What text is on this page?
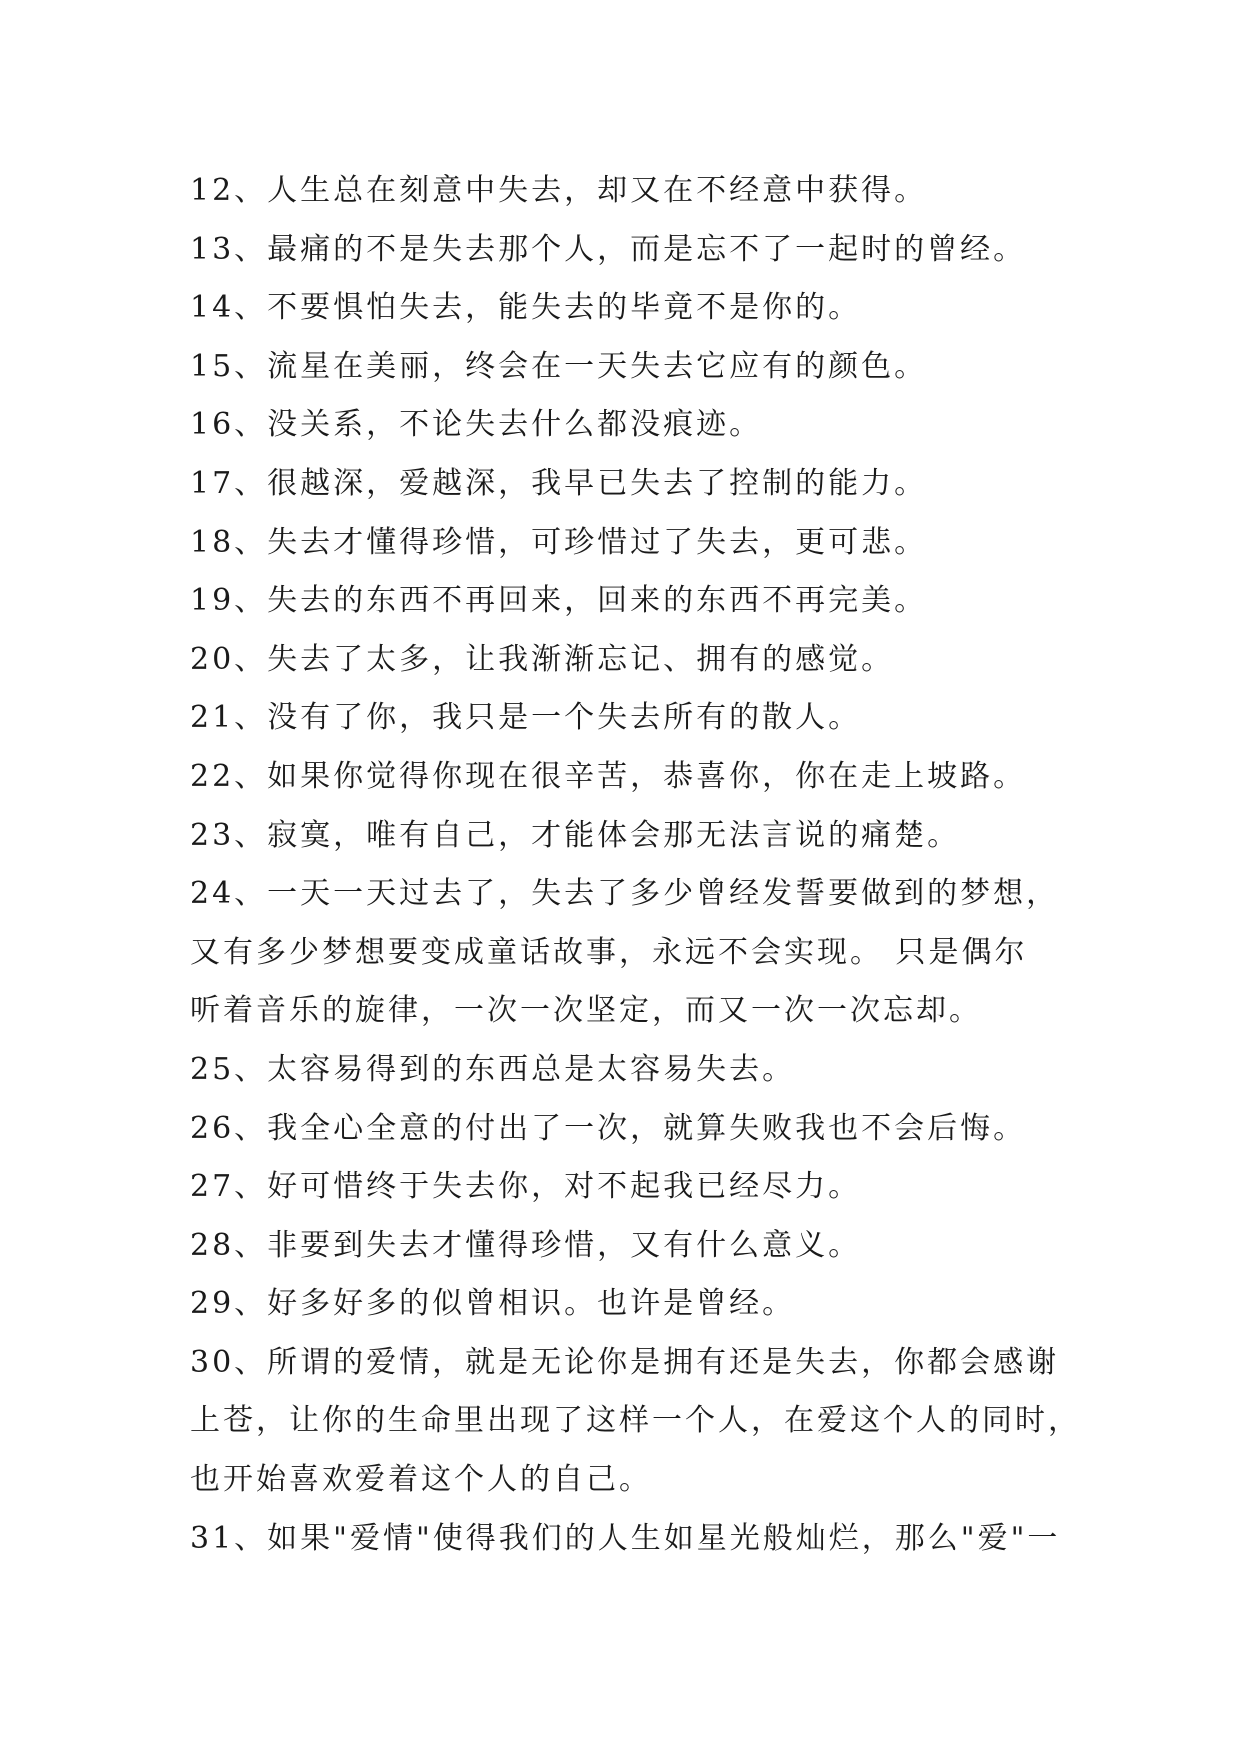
12、人生总在刻意中失去，却又在不经意中获得。
13、最痛的不是失去那个人，而是忘不了一起时的曾经。
14、不要惧怕失去，能失去的毕竟不是你的。
15、流星在美丽，终会在一天失去它应有的颜色。
16、没关系，不论失去什么都没痕迹。
17、很越深，爱越深，我早已失去了控制的能力。
18、失去才懂得珍惜，可珍惜过了失去，更可悲。
19、失去的东西不再回来，回来的东西不再完美。
20、失去了太多，让我渐渐忘记、拥有的感觉。
21、没有了你，我只是一个失去所有的散人。
22、如果你觉得你现在很辛苦，恭喜你，你在走上坡路。
23、寂寞，唯有自己，才能体会那无法言说的痛楚。
24、一天一天过去了，失去了多少曾经发誓要做到的梦想，
又有多少梦想要变成童话故事，永远不会实现。 只是偶尔
听着音乐的旋律，一次一次坚定，而又一次一次忘却。
25、太容易得到的东西总是太容易失去。
26、我全心全意的付出了一次，就算失败我也不会后悔。
27、好可惜终于失去你，对不起我已经尽力。
28、非要到失去才懂得珍惜，又有什么意义。
29、好多好多的似曾相识。也许是曾经。
30、所谓的爱情，就是无论你是拥有还是失去，你都会感谢
上苍，让你的生命里出现了这样一个人，在爱这个人的同时，
也开始喜欢爱着这个人的自己。
31、如果"爱情"使得我们的人生如星光般灿烂，那么"爱"一
